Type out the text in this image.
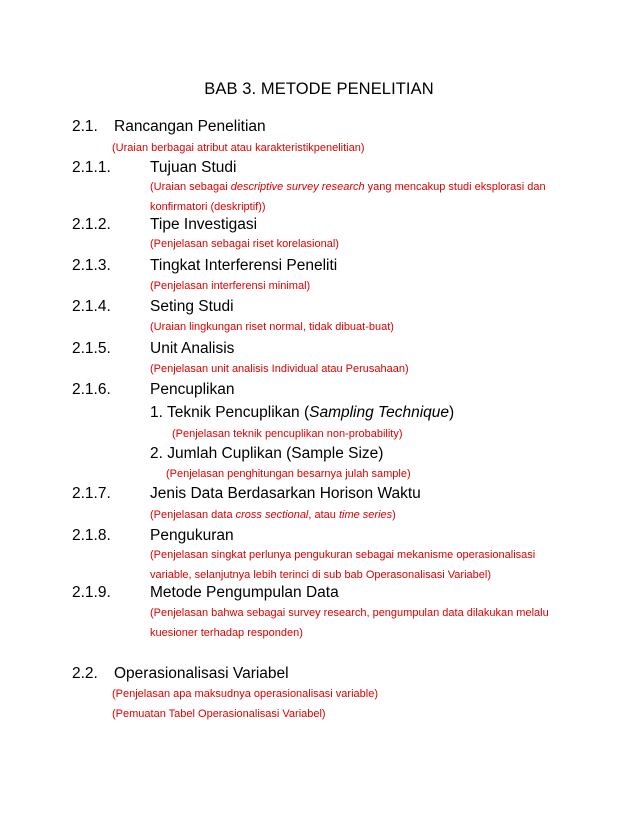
BAB 3. METODE PENELITIAN
2.1. Rancangan Penelitian
(Uraian berbagai atribut atau karakteristikpenelitian)
2.1.1.	Tujuan Studi
(Uraian sebagai descriptive survey research yang mencakup studi eksplorasi dan
konfirmatori (deskriptif))
2.1.2.	Tipe Investigasi
(Penjelasan sebagai riset korelasional)
2.1.3.	Tingkat Interferensi Peneliti
(Penjelasan interferensi minimal)
2.1.4.	Seting Studi
(Uraian lingkungan riset normal, tidak dibuat-buat)
2.1.5.	Unit Analisis
(Penjelasan unit analisis Individual atau Perusahaan)
2.1.6.	Pencuplikan
1. Teknik Pencuplikan (Sampling Technique)
(Penjelasan teknik pencuplikan non-probability)
2. Jumlah Cuplikan (Sample Size)
(Penjelasan penghitungan besarnya julah sample)
2.1.7.	Jenis Data Berdasarkan Horison Waktu
(Penjelasan data cross sectional, atau time series)
2.1.8.	Pengukuran
(Penjelasan singkat perlunya pengukuran sebagai mekanisme operasionalisasi
variable, selanjutnya lebih terinci di sub bab Operasonalisasi Variabel)
2.1.9.	Metode Pengumpulan Data
(Penjelasan bahwa sebagai survey research, pengumpulan data dilakukan melalu
kuesioner terhadap responden)
2.2. Operasionalisasi Variabel
(Penjelasan apa maksudnya operasionalisasi variable)
(Pemuatan Tabel Operasionalisasi Variabel)
